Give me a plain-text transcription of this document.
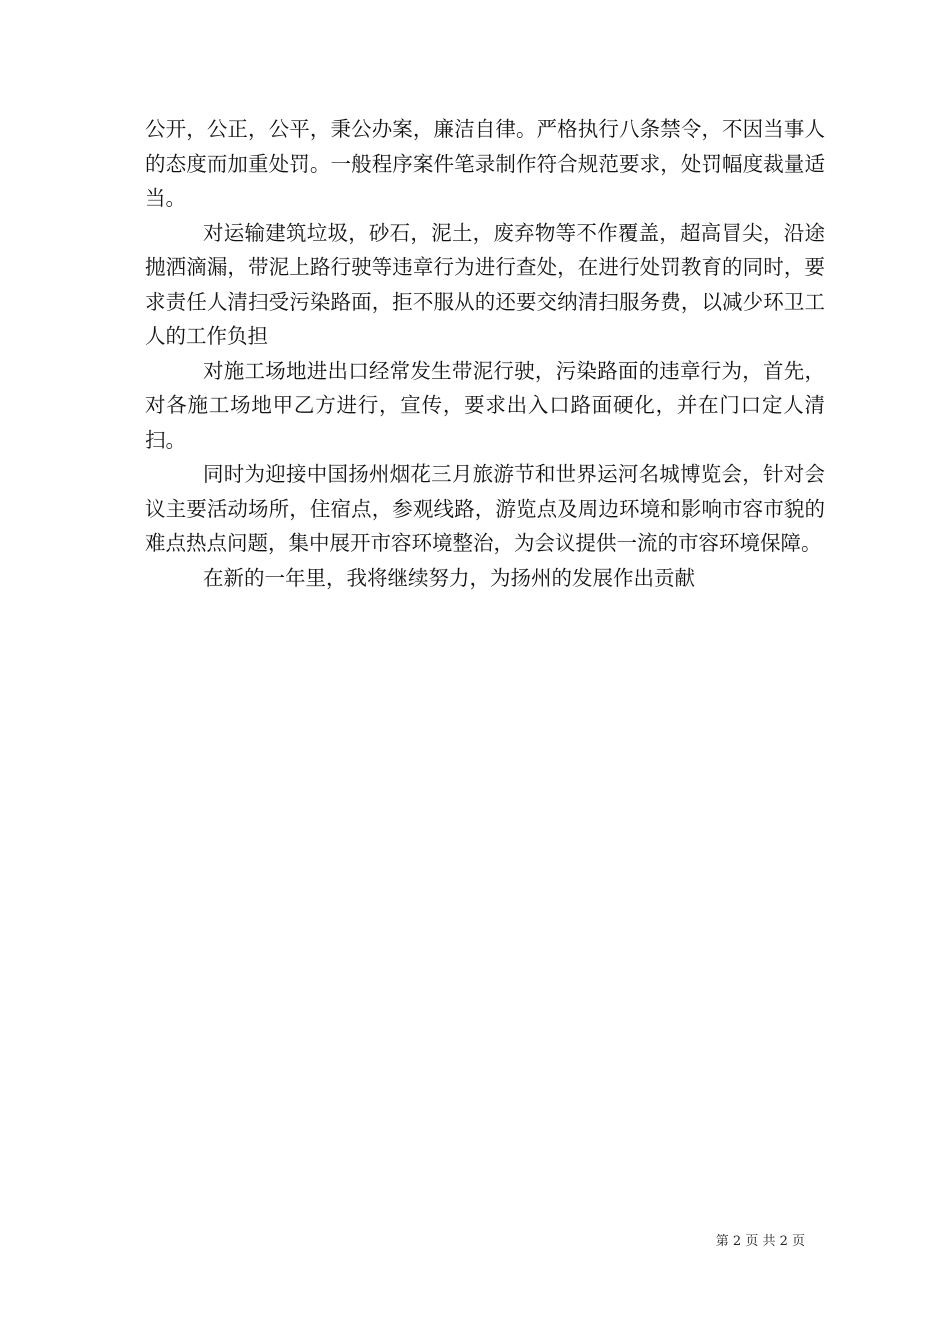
公开，公正，公平，秉公办案，廉洁自律。严格执行八条禁令，不因当事人的态度而加重处罚。一般程序案件笔录制作符合规范要求，处罚幅度裁量适当。

对运输建筑垃圾，砂石，泥土，废弃物等不作覆盖，超高冒尖，沿途抛洒滴漏，带泥上路行驶等违章行为进行查处，在进行处罚教育的同时，要求责任人清扫受污染路面，拒不服从的还要交纳清扫服务费，以减少环卫工人的工作负担

对施工场地进出口经常发生带泥行驶，污染路面的违章行为，首先，对各施工场地甲乙方进行，宣传，要求出入口路面硬化，并在门口定人清扫。

同时为迎接中国扬州烟花三月旅游节和世界运河名城博览会，针对会议主要活动场所，住宿点，参观线路，游览点及周边环境和影响市容市貌的难点热点问题，集中展开市容环境整治，为会议提供一流的市容环境保障。

在新的一年里，我将继续努力，为扬州的发展作出贡献

第 2 页 共 2 页
